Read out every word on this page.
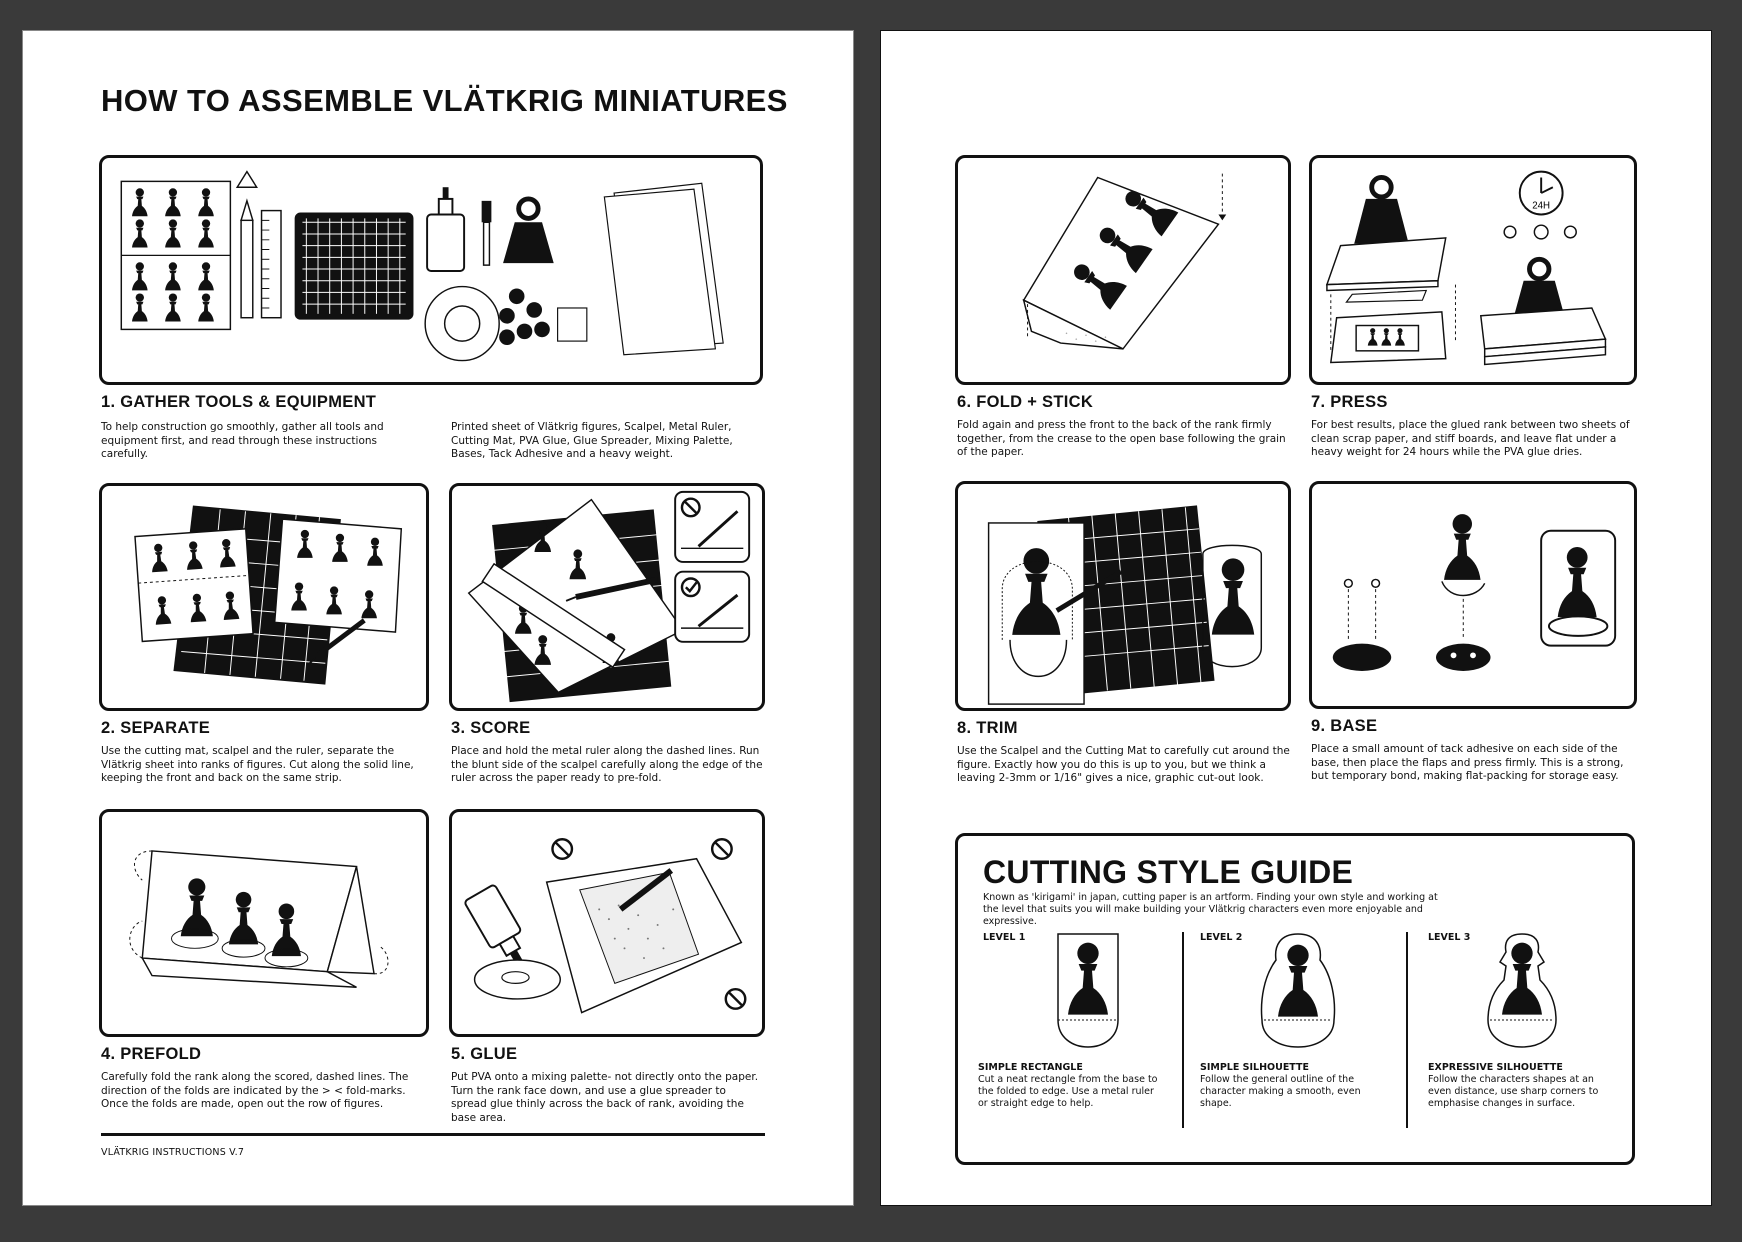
HOW TO ASSEMBLE VLÄTKRIG MINIATURES
1. GATHER TOOLS & EQUIPMENT
To help construction go smoothly, gather all tools and equipment first, and read through these instructions carefully.
Printed sheet of Vlätkrig figures, Scalpel, Metal Ruler, Cutting Mat, PVA Glue, Glue Spreader, Mixing Palette, Bases, Tack Adhesive and a heavy weight.
2. SEPARATE
Use the cutting mat, scalpel and the ruler, separate the Vlätkrig sheet into ranks of figures. Cut along the solid line, keeping the front and back on the same strip.
3. SCORE
Place and hold the metal ruler along the dashed lines. Run the blunt side of the scalpel carefully along the edge of the ruler across the paper ready to pre-fold.
4. PREFOLD
Carefully fold the rank along the scored, dashed lines. The direction of the folds are indicated by the > < fold-marks. Once the folds are made, open out the row of figures.
5. GLUE
Put PVA onto a mixing palette- not directly onto the paper. Turn the rank face down, and use a glue spreader to spread glue thinly across the back of rank, avoiding the base area.
VLÄTKRIG INSTRUCTIONS V.7
6. FOLD + STICK
Fold again and press the front to the back of the rank firmly together, from the crease to the open base following the grain of the paper.
24H
7. PRESS
For best results, place the glued rank between two sheets of clean scrap paper, and stiff boards, and leave flat under a heavy weight for 24 hours while the PVA glue dries.
8. TRIM
Use the Scalpel and the Cutting Mat to carefully cut around the figure. Exactly how you do this is up to you, but we think a leaving 2-3mm or 1/16" gives a nice, graphic cut-out look.
9. BASE
Place a small amount of tack adhesive on each side of the base, then place the flaps and press firmly. This is a strong, but temporary bond, making flat-packing for storage easy.
CUTTING STYLE GUIDE
Known as 'kirigami' in japan, cutting paper is an artform. Finding your own style and working at the level that suits you will make building your Vlätkrig characters even more enjoyable and expressive.
LEVEL 1
SIMPLE RECTANGLE
Cut a neat rectangle from the base to the folded to edge. Use a metal ruler or straight edge to help.
LEVEL 2
SIMPLE SILHOUETTE
Follow the general outline of the character making a smooth, even shape.
LEVEL 3
EXPRESSIVE SILHOUETTE
Follow the characters shapes at an even distance, use sharp corners to emphasise changes in surface.
